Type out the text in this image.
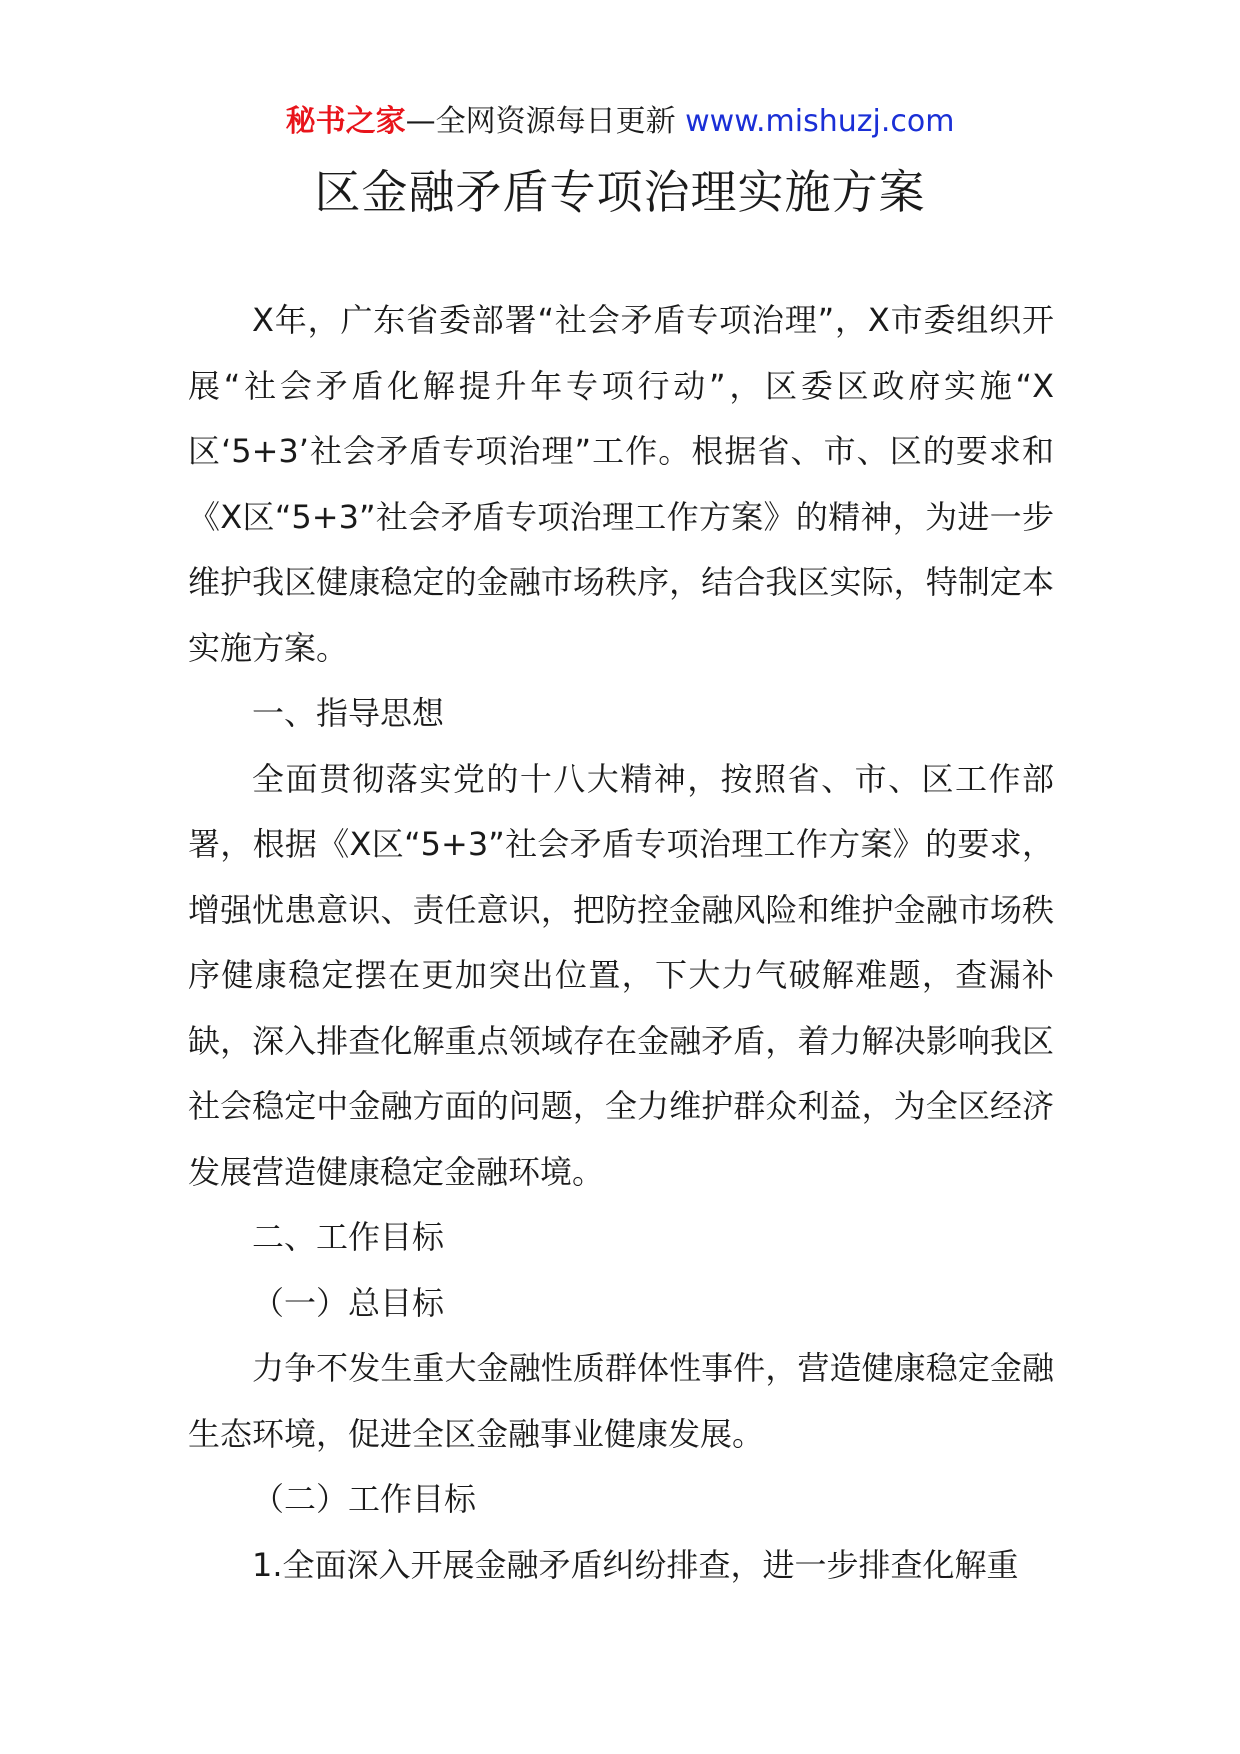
秘书之家—全网资源每日更新 www.mishuzj.com
区金融矛盾专项治理实施方案

X年，广东省委部署“社会矛盾专项治理”，X市委组织开展“社会矛盾化解提升年专项行动”，区委区政府实施“X区‘5+3’社会矛盾专项治理”工作。根据省、市、区的要求和《X区“5+3”社会矛盾专项治理工作方案》的精神，为进一步维护我区健康稳定的金融市场秩序，结合我区实际，特制定本实施方案。

一、指导思想

全面贯彻落实党的十八大精神，按照省、市、区工作部署，根据《X区“5+3”社会矛盾专项治理工作方案》的要求，增强忧患意识、责任意识，把防控金融风险和维护金融市场秩序健康稳定摆在更加突出位置，下大力气破解难题，查漏补缺，深入排查化解重点领域存在金融矛盾，着力解决影响我区社会稳定中金融方面的问题，全力维护群众利益，为全区经济发展营造健康稳定金融环境。

二、工作目标

（一）总目标

力争不发生重大金融性质群体性事件，营造健康稳定金融生态环境，促进全区金融事业健康发展。

（二）工作目标

1.全面深入开展金融矛盾纠纷排查，进一步排查化解重
